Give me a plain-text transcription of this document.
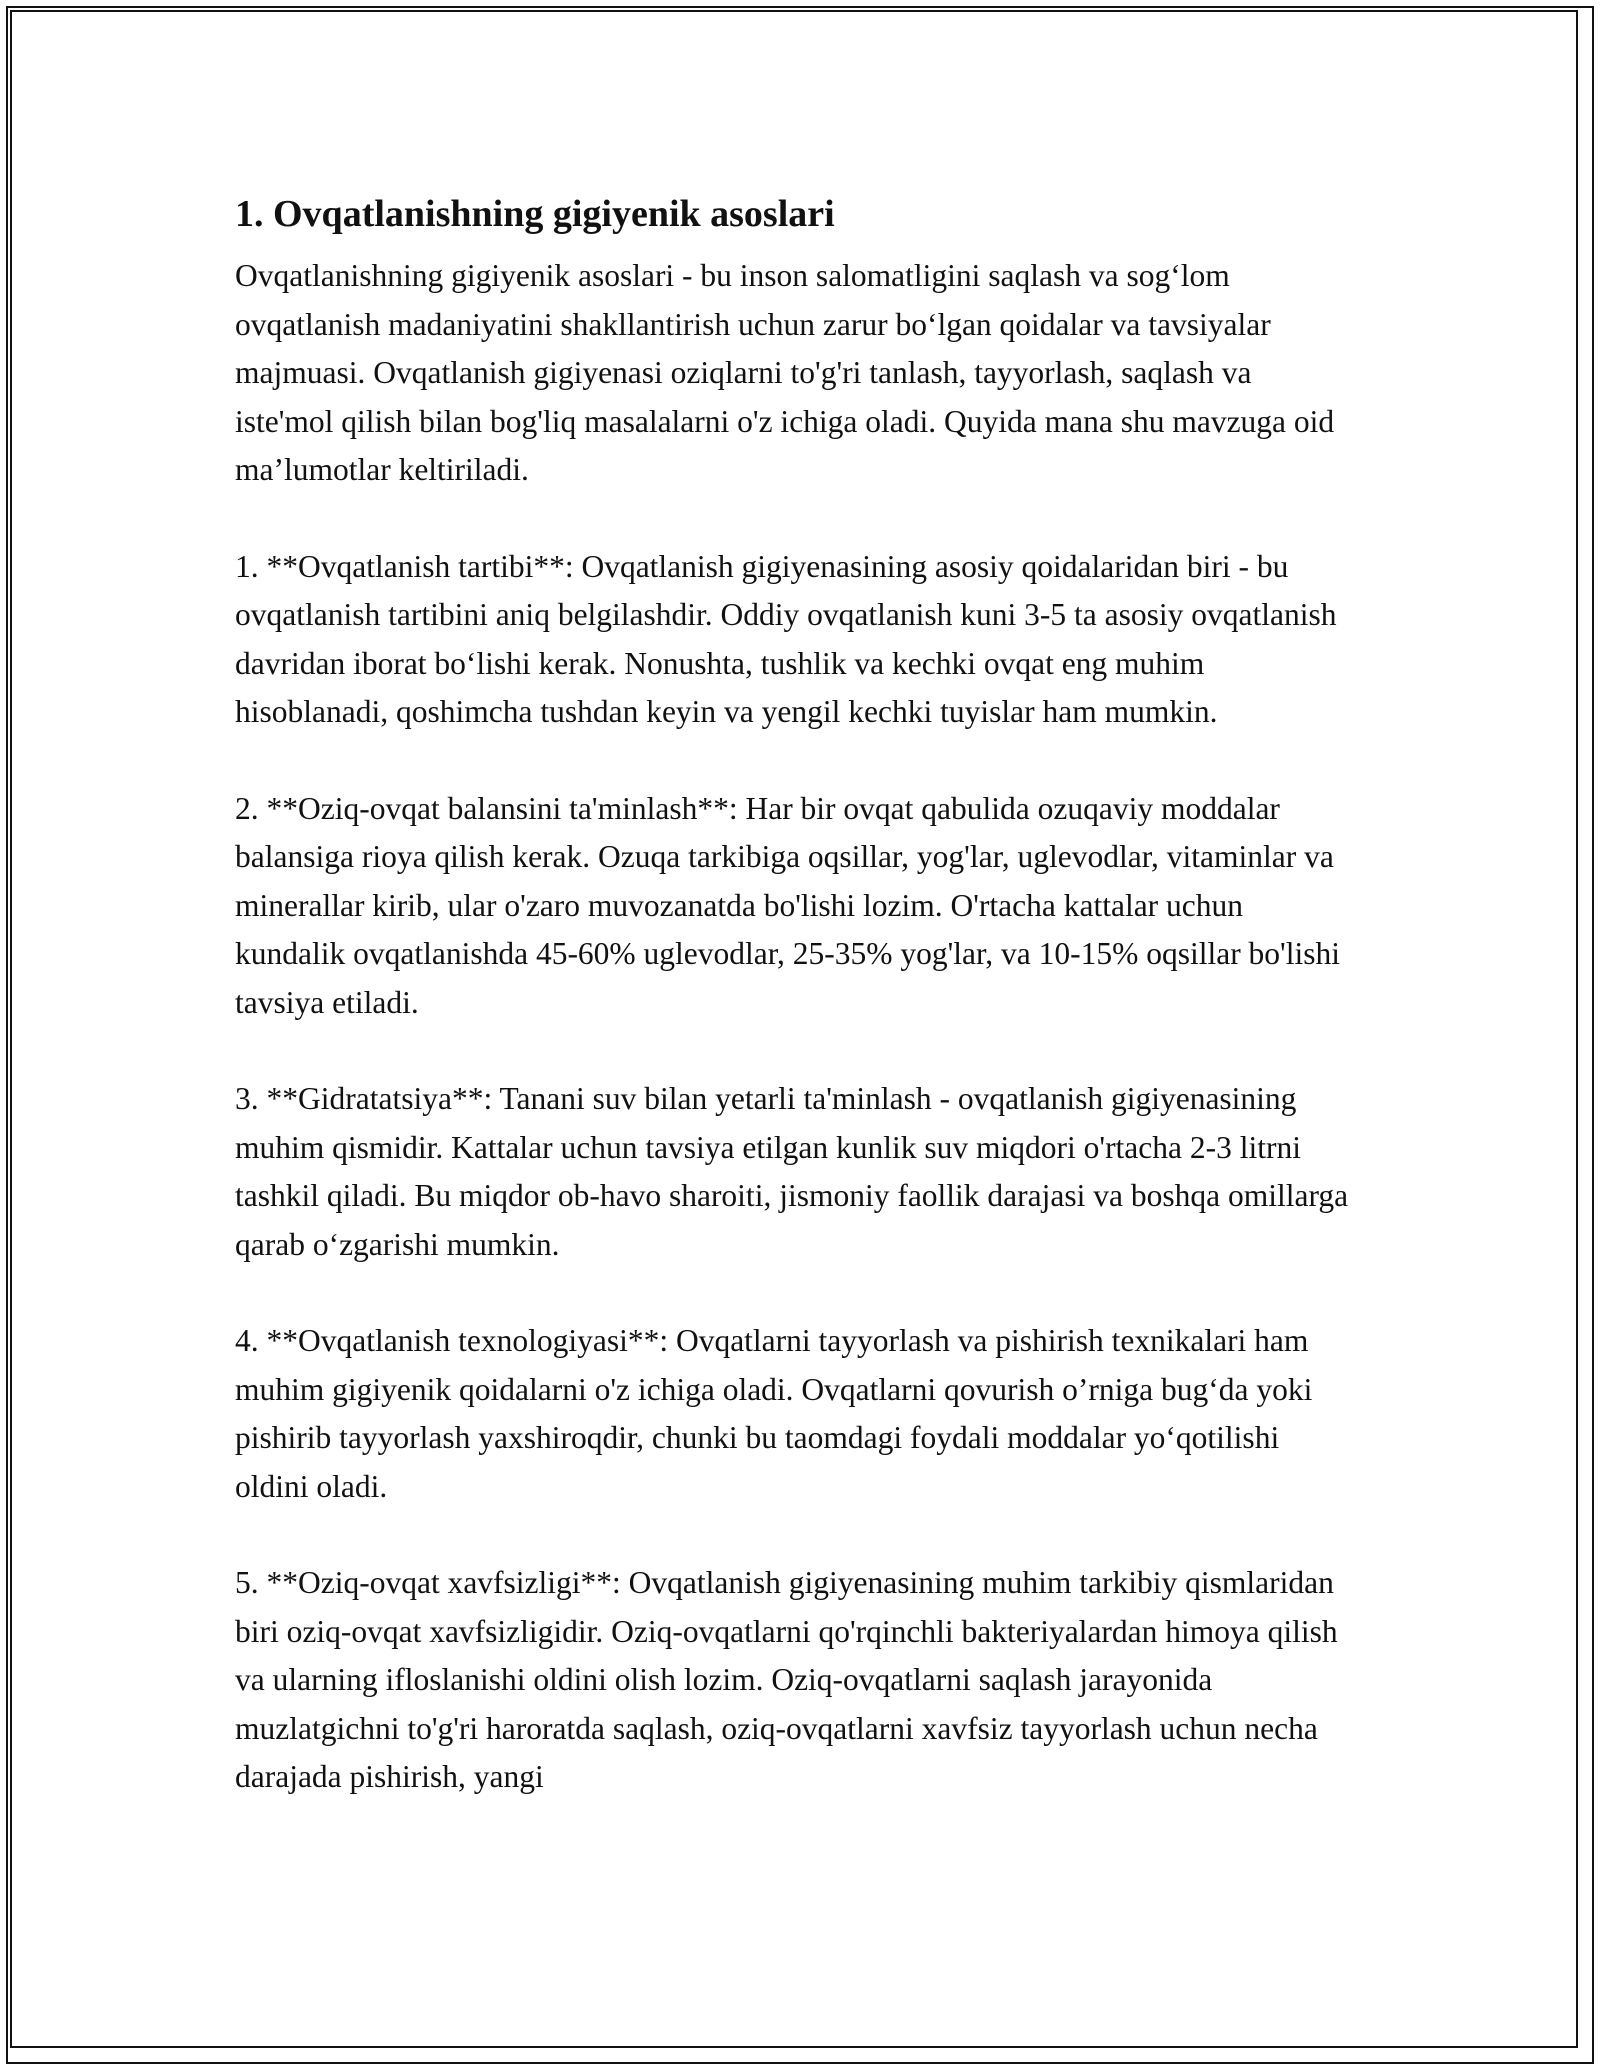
1. Ovqatlanishning gigiyenik asoslari

Ovqatlanishning gigiyenik asoslari - bu inson salomatligini saqlash va sog‘lom ovqatlanish madaniyatini shakllantirish uchun zarur bo‘lgan qoidalar va tavsiyalar majmuasi. Ovqatlanish gigiyenasi oziqlarni to'g'ri tanlash, tayyorlash, saqlash va iste'mol qilish bilan bog'liq masalalarni o'z ichiga oladi. Quyida mana shu mavzuga oid ma’lumotlar keltiriladi.

1. **Ovqatlanish tartibi**: Ovqatlanish gigiyenasining asosiy qoidalaridan biri - bu ovqatlanish tartibini aniq belgilashdir. Oddiy ovqatlanish kuni 3-5 ta asosiy ovqatlanish davridan iborat bo‘lishi kerak. Nonushta, tushlik va kechki ovqat eng muhim hisoblanadi, qoshimcha tushdan keyin va yengil kechki tuyislar ham mumkin.

2. **Oziq-ovqat balansini ta'minlash**: Har bir ovqat qabulida ozuqaviy moddalar balansiga rioya qilish kerak. Ozuqa tarkibiga oqsillar, yog'lar, uglevodlar, vitaminlar va minerallar kirib, ular o'zaro muvozanatda bo'lishi lozim. O'rtacha kattalar uchun kundalik ovqatlanishda 45-60% uglevodlar, 25-35% yog'lar, va 10-15% oqsillar bo'lishi tavsiya etiladi.

3. **Gidratatsiya**: Tanani suv bilan yetarli ta'minlash - ovqatlanish gigiyenasining muhim qismidir. Kattalar uchun tavsiya etilgan kunlik suv miqdori o'rtacha 2-3 litrni tashkil qiladi. Bu miqdor ob-havo sharoiti, jismoniy faollik darajasi va boshqa omillarga qarab o‘zgarishi mumkin.

4. **Ovqatlanish texnologiyasi**: Ovqatlarni tayyorlash va pishirish texnikalari ham muhim gigiyenik qoidalarni o'z ichiga oladi. Ovqatlarni qovurish o’rniga bug‘da yoki pishirib tayyorlash yaxshiroqdir, chunki bu taomdagi foydali moddalar yo‘qotilishi oldini oladi.

5. **Oziq-ovqat xavfsizligi**: Ovqatlanish gigiyenasining muhim tarkibiy qismlaridan biri oziq-ovqat xavfsizligidir. Oziq-ovqatlarni qo'rqinchli bakteriyalardan himoya qilish va ularning ifloslanishi oldini olish lozim. Oziq-ovqatlarni saqlash jarayonida muzlatgichni to'g'ri haroratda saqlash, oziq-ovqatlarni xavfsiz tayyorlash uchun necha darajada pishirish, yangi
